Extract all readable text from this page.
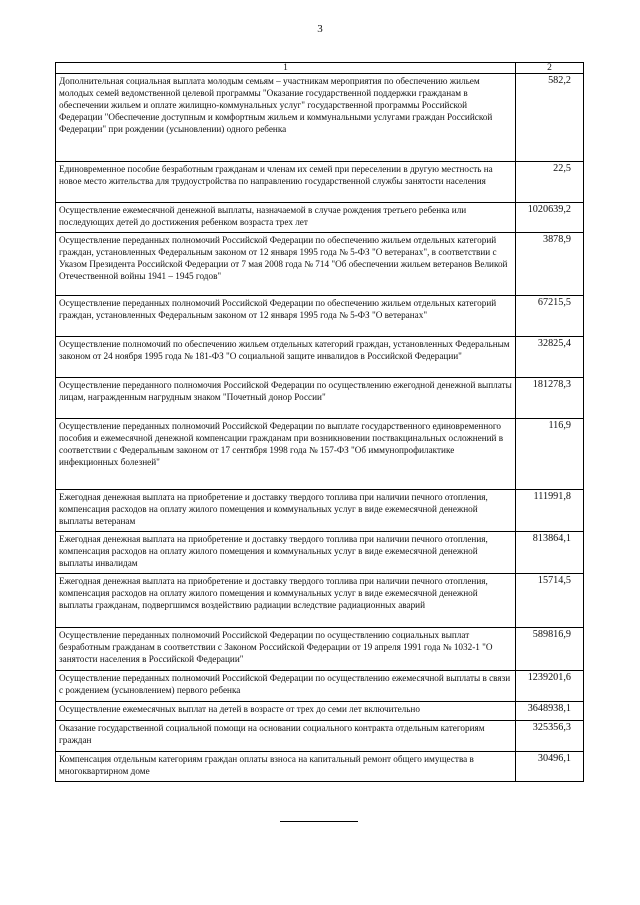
3
1	2
Дополнительная социальная выплата молодым семьям – участникам мероприятия по обеспечению жильем молодых семей ведомственной целевой программы "Оказание государственной поддержки гражданам в обеспечении жильем и оплате жилищно-коммунальных услуг" государственной программы Российской Федерации "Обеспечение доступным и комфортным жильем и коммунальными услугами граждан Российской Федерации" при рождении (усыновлении) одного ребенка	582,2
Единовременное пособие безработным гражданам и членам их семей при переселении в другую местность на новое место жительства для трудоустройства по направлению государственной службы занятости населения	22,5
Осуществление ежемесячной денежной выплаты, назначаемой в случае рождения третьего ребенка или последующих детей до достижения ребенком возраста трех лет	1020639,2
Осуществление переданных полномочий Российской Федерации по обеспечению жильем отдельных категорий граждан, установленных Федеральным законом от 12 января 1995 года № 5-ФЗ "О ветеранах", в соответствии с Указом Президента Российской Федерации от 7 мая 2008 года № 714 "Об обеспечении жильем ветеранов Великой Отечественной войны 1941 – 1945 годов"	3878,9
Осуществление переданных полномочий Российской Федерации по обеспечению жильем отдельных категорий граждан, установленных Федеральным законом от 12 января 1995 года № 5-ФЗ "О ветеранах"	67215,5
Осуществление полномочий по обеспечению жильем отдельных категорий граждан, установленных Федеральным законом от 24 ноября 1995 года № 181-ФЗ "О социальной защите инвалидов в Российской Федерации"	32825,4
Осуществление переданного полномочия Российской Федерации по осуществлению ежегодной денежной выплаты лицам, награжденным нагрудным знаком "Почетный донор России"	181278,3
Осуществление переданных полномочий Российской Федерации по выплате государственного единовременного пособия и ежемесячной денежной компенсации гражданам при возникновении поствакцинальных осложнений в соответствии с Федеральным законом от 17 сентября 1998 года № 157-ФЗ "Об иммунопрофилактике инфекционных болезней"	116,9
Ежегодная денежная выплата на приобретение и доставку твердого топлива при наличии печного отопления, компенсация расходов на оплату жилого помещения и коммунальных услуг в виде ежемесячной денежной выплаты ветеранам	111991,8
Ежегодная денежная выплата на приобретение и доставку твердого топлива при наличии печного отопления, компенсация расходов на оплату жилого помещения и коммунальных услуг в виде ежемесячной денежной выплаты инвалидам	813864,1
Ежегодная денежная выплата на приобретение и доставку твердого топлива при наличии печного отопления, компенсация расходов на оплату жилого помещения и коммунальных услуг в виде ежемесячной денежной выплаты гражданам, подвергшимся воздействию радиации вследствие радиационных аварий	15714,5
Осуществление переданных полномочий Российской Федерации по осуществлению социальных выплат безработным гражданам в соответствии с Законом Российской Федерации от 19 апреля 1991 года № 1032-1 "О занятости населения в Российской Федерации"	589816,9
Осуществление переданных полномочий Российской Федерации по осуществлению ежемесячной выплаты в связи с рождением (усыновлением) первого ребенка	1239201,6
Осуществление ежемесячных выплат на детей в возрасте от трех до семи лет включительно	3648938,1
Оказание государственной социальной помощи на основании социального контракта отдельным категориям граждан	325356,3
Компенсация отдельным категориям граждан оплаты взноса на капитальный ремонт общего имущества в многоквартирном доме	30496,1
